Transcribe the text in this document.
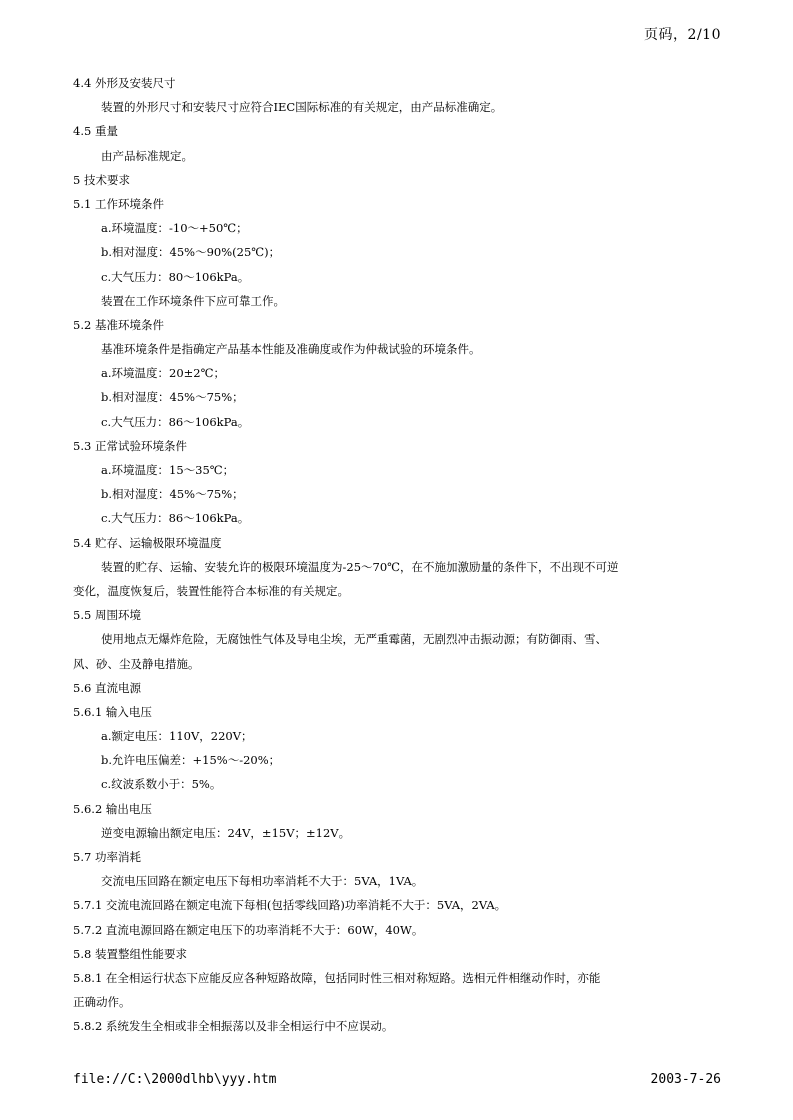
页码，2/10
4.4 外形及安装尺寸
装置的外形尺寸和安装尺寸应符合IEC国际标准的有关规定，由产品标准确定。
4.5 重量
由产品标准规定。
5 技术要求
5.1 工作环境条件
a.环境温度：-10～+50℃；
b.相对湿度：45%～90%(25℃)；
c.大气压力：80～106kPa。
装置在工作环境条件下应可靠工作。
5.2 基准环境条件
基准环境条件是指确定产品基本性能及准确度或作为仲裁试验的环境条件。
a.环境温度：20±2℃；
b.相对湿度：45%～75%；
c.大气压力：86～106kPa。
5.3 正常试验环境条件
a.环境温度：15～35℃；
b.相对湿度：45%～75%；
c.大气压力：86～106kPa。
5.4 贮存、运输极限环境温度
装置的贮存、运输、安装允许的极限环境温度为-25～70℃，在不施加激励量的条件下，不出现不可逆
变化，温度恢复后，装置性能符合本标准的有关规定。
5.5 周围环境
使用地点无爆炸危险，无腐蚀性气体及导电尘埃，无严重霉菌，无剧烈冲击振动源；有防御雨、雪、
风、砂、尘及静电措施。
5.6 直流电源
5.6.1 输入电压
a.额定电压：110V，220V；
b.允许电压偏差：+15%～-20%；
c.纹波系数小于：5%。
5.6.2 输出电压
逆变电源输出额定电压：24V，±15V；±12V。
5.7 功率消耗
交流电压回路在额定电压下每相功率消耗不大于：5VA，1VA。
5.7.1 交流电流回路在额定电流下每相(包括零线回路)功率消耗不大于：5VA，2VA。
5.7.2 直流电源回路在额定电压下的功率消耗不大于：60W，40W。
5.8 装置整组性能要求
5.8.1 在全相运行状态下应能反应各种短路故障，包括同时性三相对称短路。选相元件相继动作时，亦能
正确动作。
5.8.2 系统发生全相或非全相振荡以及非全相运行中不应误动。
file://C:\2000dlhb\yyy.htm	2003-7-26
